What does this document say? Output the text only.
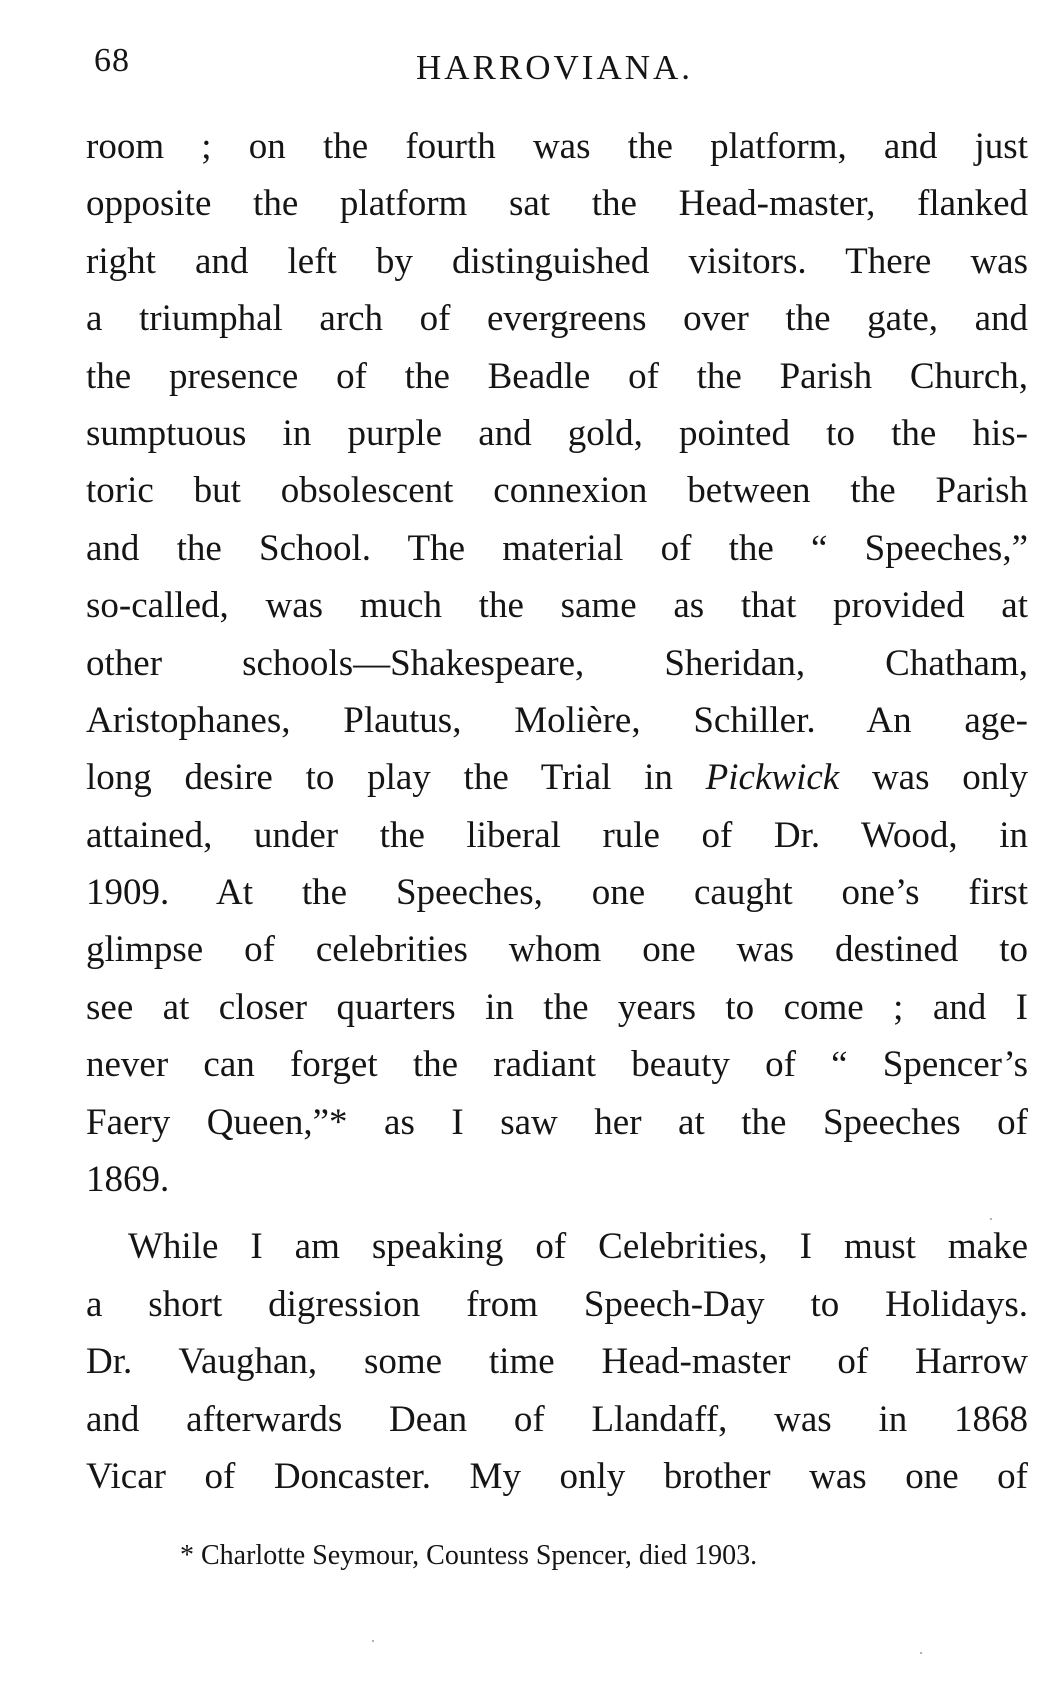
68	HARROVIANA.
room ; on the fourth was the platform, and just
opposite the platform sat the Head-master, flanked
right and left by distinguished visitors. There was
a triumphal arch of evergreens over the gate, and
the presence of the Beadle of the Parish Church,
sumptuous in purple and gold, pointed to the his-
toric but obsolescent connexion between the Parish
and the School. The material of the “ Speeches,”
so-called, was much the same as that provided at
other schools—Shakespeare, Sheridan, Chatham,
Aristophanes, Plautus, Molière, Schiller. An age-
long desire to play the Trial in Pickwick was only
attained, under the liberal rule of Dr. Wood, in
1909. At the Speeches, one caught one’s first
glimpse of celebrities whom one was destined to
see at closer quarters in the years to come ; and I
never can forget the radiant beauty of “ Spencer’s
Faery Queen,”* as I saw her at the Speeches of
1869.
While I am speaking of Celebrities, I must make
a short digression from Speech-Day to Holidays.
Dr. Vaughan, some time Head-master of Harrow
and afterwards Dean of Llandaff, was in 1868
Vicar of Doncaster. My only brother was one of
* Charlotte Seymour, Countess Spencer, died 1903.
